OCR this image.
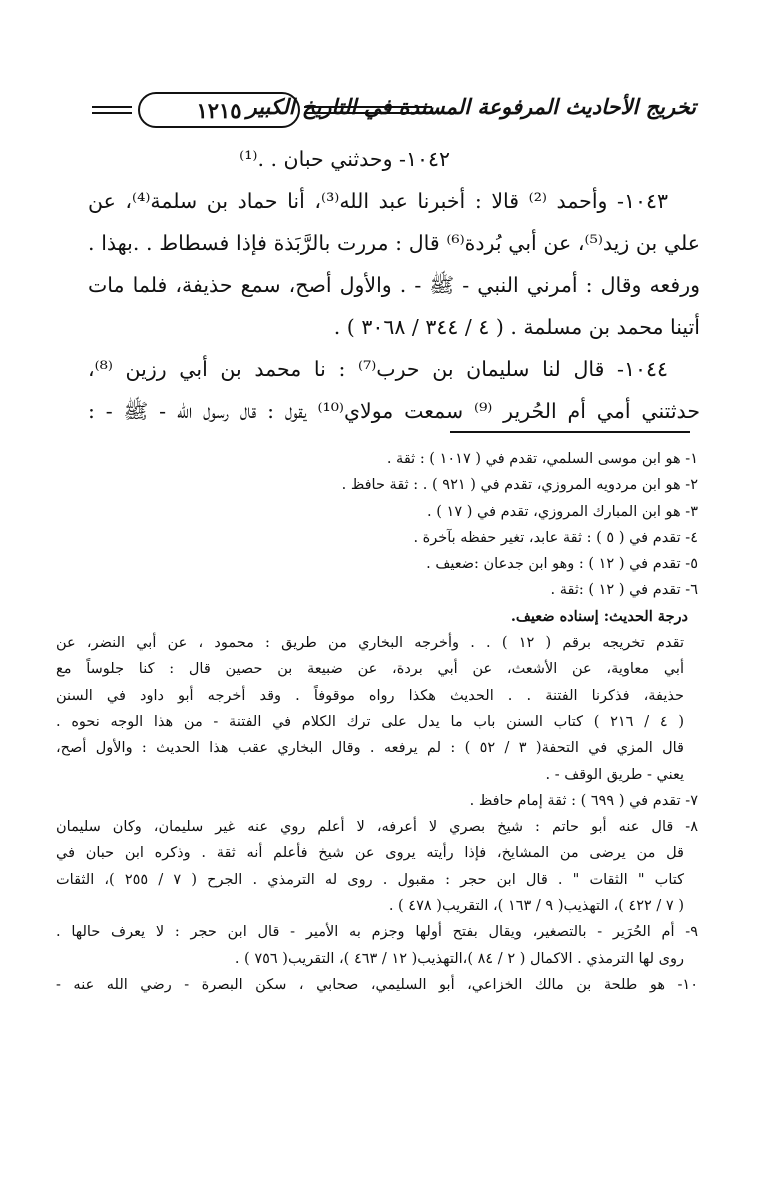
تخريج الأحاديث المرفوعة المسندة في التاريخ الكبير
١٢١٥
١٠٤٢- وحدثني حبان . .⁽¹⁾
١٠٤٣- وأحمد ⁽²⁾ قالا : أخبرنا عبد الله⁽³⁾، أنا حماد بن سلمة⁽⁴⁾، عن
علي بن زيد⁽⁵⁾، عن أبي بُردة⁽⁶⁾ قال : مررت بالرَّبَذة فإذا فسطاط . .بهذا .
ورفعه وقال : أمرني النبي - ﷺ - . والأول أصح، سمع حذيفة، فلما مات
أتينا محمد بن مسلمة . ( ٤ / ٣٤٤ / ٣٠٦٨ ) .
١٠٤٤- قال لنا سليمان بن حرب⁽⁷⁾ : نا محمد بن أبي رزين ⁽⁸⁾،
حدثتني أمي أم الحُرير ⁽⁹⁾ سمعت مولاي⁽¹⁰⁾ يقول : قال رسول الله - ﷺ - :
١- هو ابن موسى السلمي، تقدم في ( ١٠١٧ ) : ثقة .
٢- هو ابن مردويه المروزي، تقدم في ( ٩٢١ ) . : ثقة حافظ .
٣- هو ابن المبارك المروزي، تقدم في ( ١٧ ) .
٤- تقدم في ( ٥ ) : ثقة عابد، تغير حفظه بآخرة .
٥- تقدم في ( ١٢ ) : وهو ابن جدعان :ضعيف .
٦- تقدم في ( ١٢ ) :ثقة .
درجة الحديث: إسناده ضعيف.
تقدم تخريجه برقم ( ١٢ ) . . وأخرجه البخاري من طريق : محمود ، عن أبي النضر، عن
أبي معاوية، عن الأشعث، عن أبي بردة، عن ضبيعة بن حصين قال : كنا جلوساً مع
حذيفة، فذكرنا الفتنة . . الحديث هكذا رواه موقوفاً . وقد أخرجه أبو داود في السنن
( ٤ / ٢١٦ ) كتاب السنن باب ما يدل على ترك الكلام في الفتنة - من هذا الوجه نحوه .
قال المزي في التحفة( ٣ / ٥٢ ) : لم يرفعه . وقال البخاري عقب هذا الحديث : والأول أصح،
يعني - طريق الوقف - .
٧- تقدم في ( ٦٩٩ ) : ثقة إمام حافظ .
٨- قال عنه أبو حاتم : شيخ بصري لا أعرفه، لا أعلم روي عنه غير سليمان، وكان سليمان
قل من يرضى من المشايخ، فإذا رأيته يروى عن شيخ فأعلم أنه ثقة . وذكره ابن حبان في
كتاب " الثقات " . قال ابن حجر : مقبول . روى له الترمذي . الجرح ( ٧ / ٢٥٥ )، الثقات
( ٧ / ٤٢٢ )، التهذيب( ٩ / ١٦٣ )، التقريب( ٤٧٨ ) .
٩- أم الحُرَير - بالتصغير، ويقال بفتح أولها وجزم به الأمير - قال ابن حجر : لا يعرف حالها .
روى لها الترمذي . الاكمال ( ٢ / ٨٤ )،التهذيب( ١٢ / ٤٦٣ )، التقريب( ٧٥٦ ) .
١٠- هو طلحة بن مالك الخزاعي، أبو السليمي، صحابي ، سكن البصرة - رضي الله عنه -
